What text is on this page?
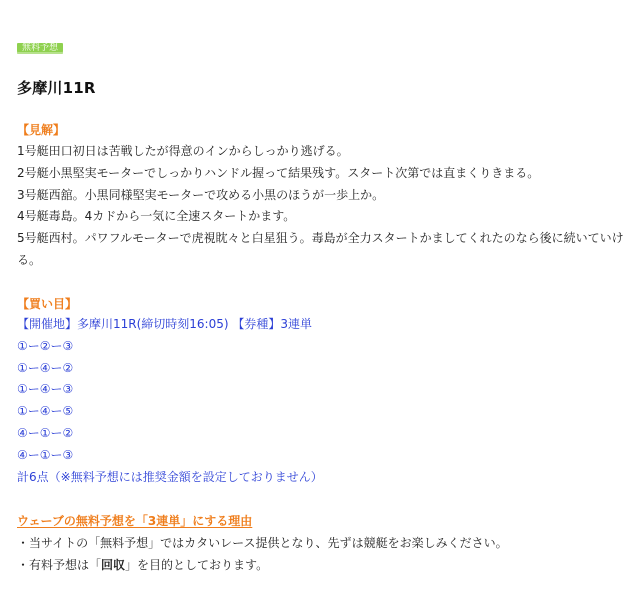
無料予想
多摩川11R
【見解】
1号艇田口初日は苦戦したが得意のインからしっかり逃げる。
2号艇小黒堅実モーターでしっかりハンドル握って結果残す。スタート次第では直まくりきまる。
3号艇西舘。小黒同様堅実モーターで攻める小黒のほうが一歩上か。
4号艇毒島。4カドから一気に全速スタートかます。
5号艇西村。パワフルモーターで虎視眈々と白星狙う。毒島が全力スタートかましてくれたのなら後に続いていける。
【買い目】
【開催地】多摩川11R(締切時刻16:05) 【券種】3連単
①ー②ー③
①ー④ー②
①ー④ー③
①ー④ー⑤
④ー①ー②
④ー①ー③
計6点（※無料予想には推奨金額を設定しておりません）
ウェーブの無料予想を「3連単」にする理由
・当サイトの「無料予想」ではカタいレース提供となり、先ずは競艇をお楽しみください。
・有料予想は「回収」を目的としております。
